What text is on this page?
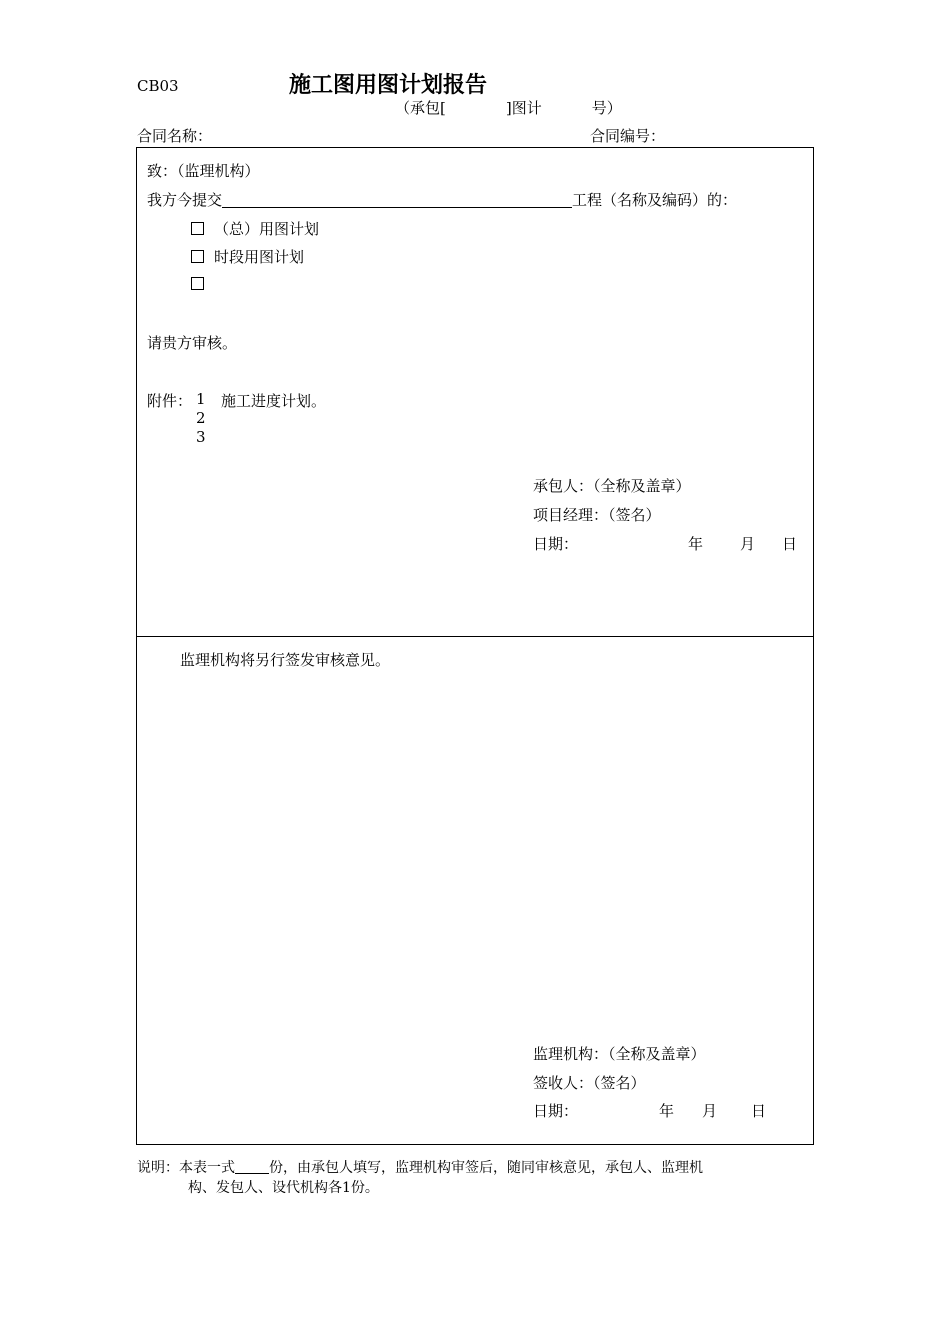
CB03	施工图用图计划报告
（承包[	]图计	号）
合同名称：	合同编号：
致：（监理机构）
我方今提交	工程（名称及编码）的：
（总）用图计划
时段用图计划
请贵方审核。
附件： 1 施工进度计划。
2
3
承包人：（全称及盖章）
项目经理：（签名）
日期：	年 月 日
监理机构将另行签发审核意见。
监理机构：（全称及盖章）
签收人：（签名）
日期：	年 月 日
说明：本表一式 份，由承包人填写，监理机构审签后，随同审核意见，承包人、监理机
构、发包人、设代机构各1份。
